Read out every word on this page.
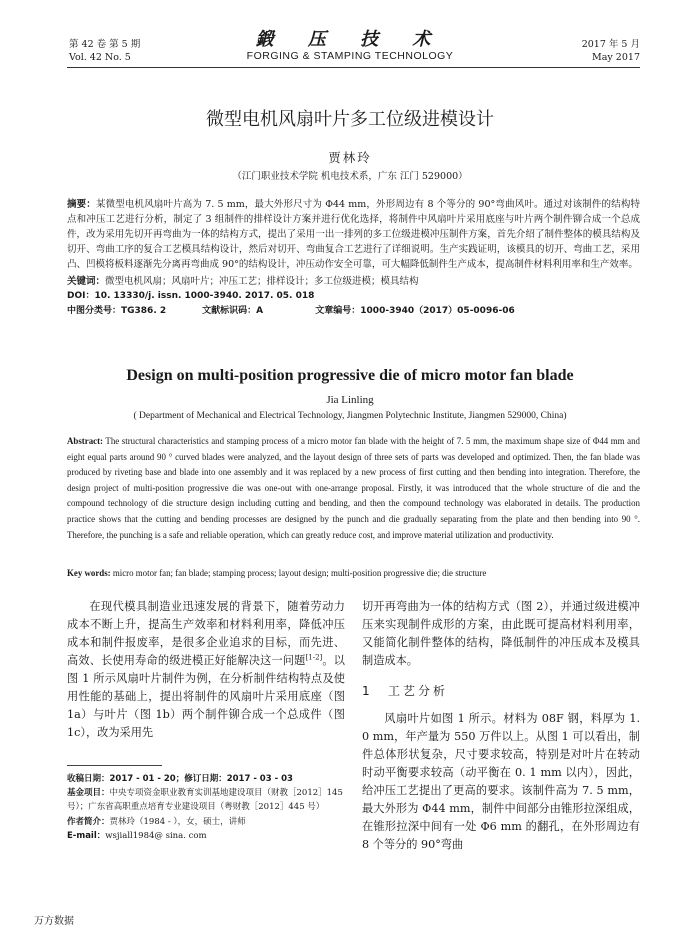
第 42 卷 第 5 期
Vol. 42 No. 5
鍛 压 技 术
FORGING & STAMPING TECHNOLOGY
2017 年 5 月
May 2017
微型电机风扇叶片多工位级进模设计
贾林玲
（江门职业技术学院 机电技术系，广东 江门 529000）
摘要：某微型电机风扇叶片高为 7. 5 mm，最大外形尺寸为 Φ44 mm，外形周边有 8 个等分的 90°弯曲风叶。通过对该制件的结构特点和冲压工艺进行分析，制定了 3 组制件的排样设计方案并进行优化选择，将制件中风扇叶片采用底座与叶片两个制件铆合成一个总成件，改为采用先切开再弯曲为一体的结构方式，提出了采用一出一排列的多工位级进模冲压制件方案，首先介绍了制件整体的模具结构及切开、弯曲工序的复合工艺模具结构设计，然后对切开、弯曲复合工艺进行了详细说明。生产实践证明，该模具的切开、弯曲工艺，采用凸、凹模将板料逐渐先分离再弯曲成 90°的结构设计，冲压动作安全可靠，可大幅降低制件生产成本，提高制件材料利用率和生产效率。
关键词：微型电机风扇；风扇叶片；冲压工艺；排样设计；多工位级进模；模具结构
DOI：10. 13330/j. issn. 1000-3940. 2017. 05. 018
中图分类号：TG386. 2	文献标识码：A	文章编号：1000-3940（2017）05-0096-06
Design on multi-position progressive die of micro motor fan blade
Jia Linling
( Department of Mechanical and Electrical Technology, Jiangmen Polytechnic Institute, Jiangmen 529000, China)
Abstract: The structural characteristics and stamping process of a micro motor fan blade with the height of 7. 5 mm, the maximum shape size of Φ44 mm and eight equal parts around 90 ° curved blades were analyzed, and the layout design of three sets of parts was developed and optimized. Then, the fan blade was produced by riveting base and blade into one assembly and it was replaced by a new process of first cutting and then bending into integration. Therefore, the design project of multi-position progressive die was one-out with one-arrange proposal. Firstly, it was introduced that the whole structure of die and the compound technology of die structure design including cutting and bending, and then the compound technology was elaborated in details. The production practice shows that the cutting and bending processes are designed by the punch and die gradually separating from the plate and then bending into 90 °. Therefore, the punching is a safe and reliable operation, which can greatly reduce cost, and improve material utilization and productivity.
Key words: micro motor fan; fan blade; stamping process; layout design; multi-position progressive die; die structure

在现代模具制造业迅速发展的背景下，随着劳动力成本不断上升，提高生产效率和材料利用率，降低冲压成本和制件报废率，是很多企业追求的目标，而先进、高效、长使用寿命的级进模正好能解决这一问题[1-2]。以图 1 所示风扇叶片制件为例，在分析制件结构特点及使用性能的基础上，提出将制件的风扇叶片采用底座（图 1a）与叶片（图 1b）两个制件铆合成一个总成件（图 1c），改为采用先

切开再弯曲为一体的结构方式（图 2），并通过级进模冲压来实现制件成形的方案，由此既可提高材料利用率，又能简化制件整体的结构，降低制件的冲压成本及模具制造成本。

1 工艺分析

风扇叶片如图 1 所示。材料为 08F 钢，料厚为 1. 0 mm，年产量为 550 万件以上。从图 1 可以看出，制件总体形状复杂，尺寸要求较高，特别是对叶片在转动时动平衡要求较高（动平衡在 0. 1 mm 以内），因此，给冲压工艺提出了更高的要求。该制件高为 7. 5 mm，最大外形为 Φ44 mm，制件中间部分由锥形拉深组成，在锥形拉深中间有一处 Φ6 mm 的翻孔，在外形周边有 8 个等分的 90°弯曲

收稿日期：2017 - 01 - 20；修订日期：2017 - 03 - 03
基金项目：中央专项资金职业教育实训基地建设项目（财教［2012］145 号）；广东省高职重点培育专业建设项目（粤财教［2012］445 号）
作者简介：贾林玲（1984 - ），女，硕士，讲师
E-mail：wsjiall1984@ sina. com
万方数据
